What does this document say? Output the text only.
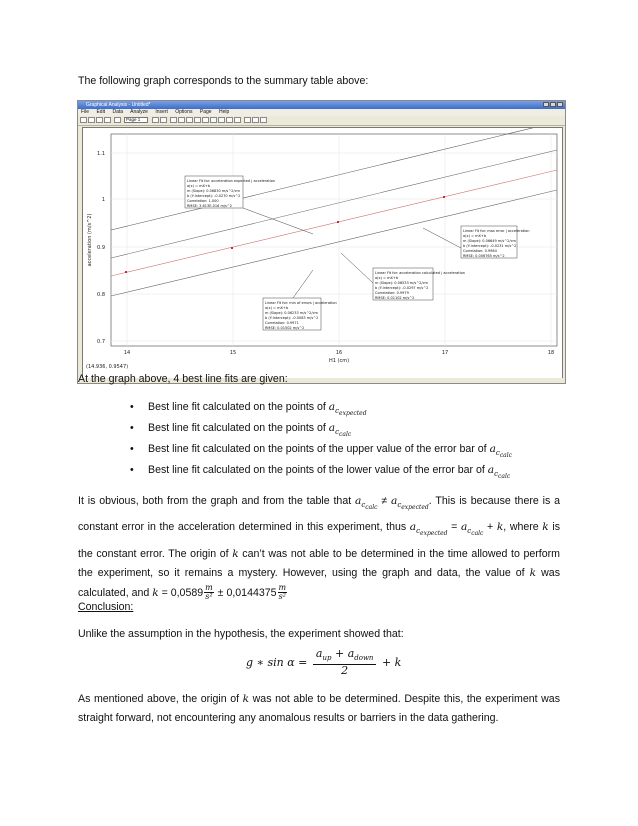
The following graph corresponds to the summary table above:

Graphical Analysis - Untitled*
File Edit Data Analyze Insert Options Page Help
Page 1
1.1
1
0.9
0.8
0.7
acceleration (m/s^2)
14	15	16	17	18
H1 (cm)
(14.936, 0.9547)
Linear Fit for: acceleration expected | acceleration
a(x) = mX+b
m (Slope): 0.06830 m/s^2/cm
b (Y-Intercept): -0.0270 m/s^2
Correlation: 1.000
RMSE: 3.613E-016 m/s^2
Linear Fit for: max error | acceleration
a(x) = mX+b
m (Slope): 0.06649 m/s^2/cm
b (Y-Intercept): -0.0231 m/s^2
Correlation: 0.9984
RMSE: 0.006765 m/s^2
Linear Fit for: acceleration calculated | acceleration
a(x) = mX+b
m (Slope): 0.06533 m/s^2/cm
b (Y-Intercept): -0.0297 m/s^2
Correlation: 0.9979
RMSE: 0.01102 m/s^2
Linear Fit for: min of errors | acceleration
a(x) = mX+b
m (Slope): 0.06233 m/s^2/cm
b (Y-Intercept): -0.0083 m/s^2
Correlation: 0.9971
RMSE: 0.01502 m/s^2

At the graph above, 4 best line fits are given:

• Best line fit calculated on the points of $a_{c_{expected}}$
• Best line fit calculated on the points of $a_{c_{calc}}$
• Best line fit calculated on the points of the upper value of the error bar of $a_{c_{calc}}$
• Best line fit calculated on the points of the lower value of the error bar of $a_{c_{calc}}$

It is obvious, both from the graph and from the table that $a_{c_{calc}} \ne a_{c_{expected}}$. This is because there is a constant error in the acceleration determined in this experiment, thus $a_{c_{expected}} = a_{c_{calc}} + k$, where k is the constant error. The origin of k can’t was not able to be determined in the time allowed to perform the experiment, so it remains a mystery. However, using the graph and data, the value of k was calculated, and $k = 0,0589 \frac{m}{\text{s²}} \pm 0,0144375 \frac{m}{\text{s²}}$

Conclusion:

Unlike the assumption in the hypothesis, the experiment showed that:

g ∗ $\sin \alpha = \frac{a_{up} + a_{down}}{2} + k$

As mentioned above, the origin of k was not able to be determined. Despite this, the experiment was straight forward, not encountering any anomalous results or barriers in the data gathering.
